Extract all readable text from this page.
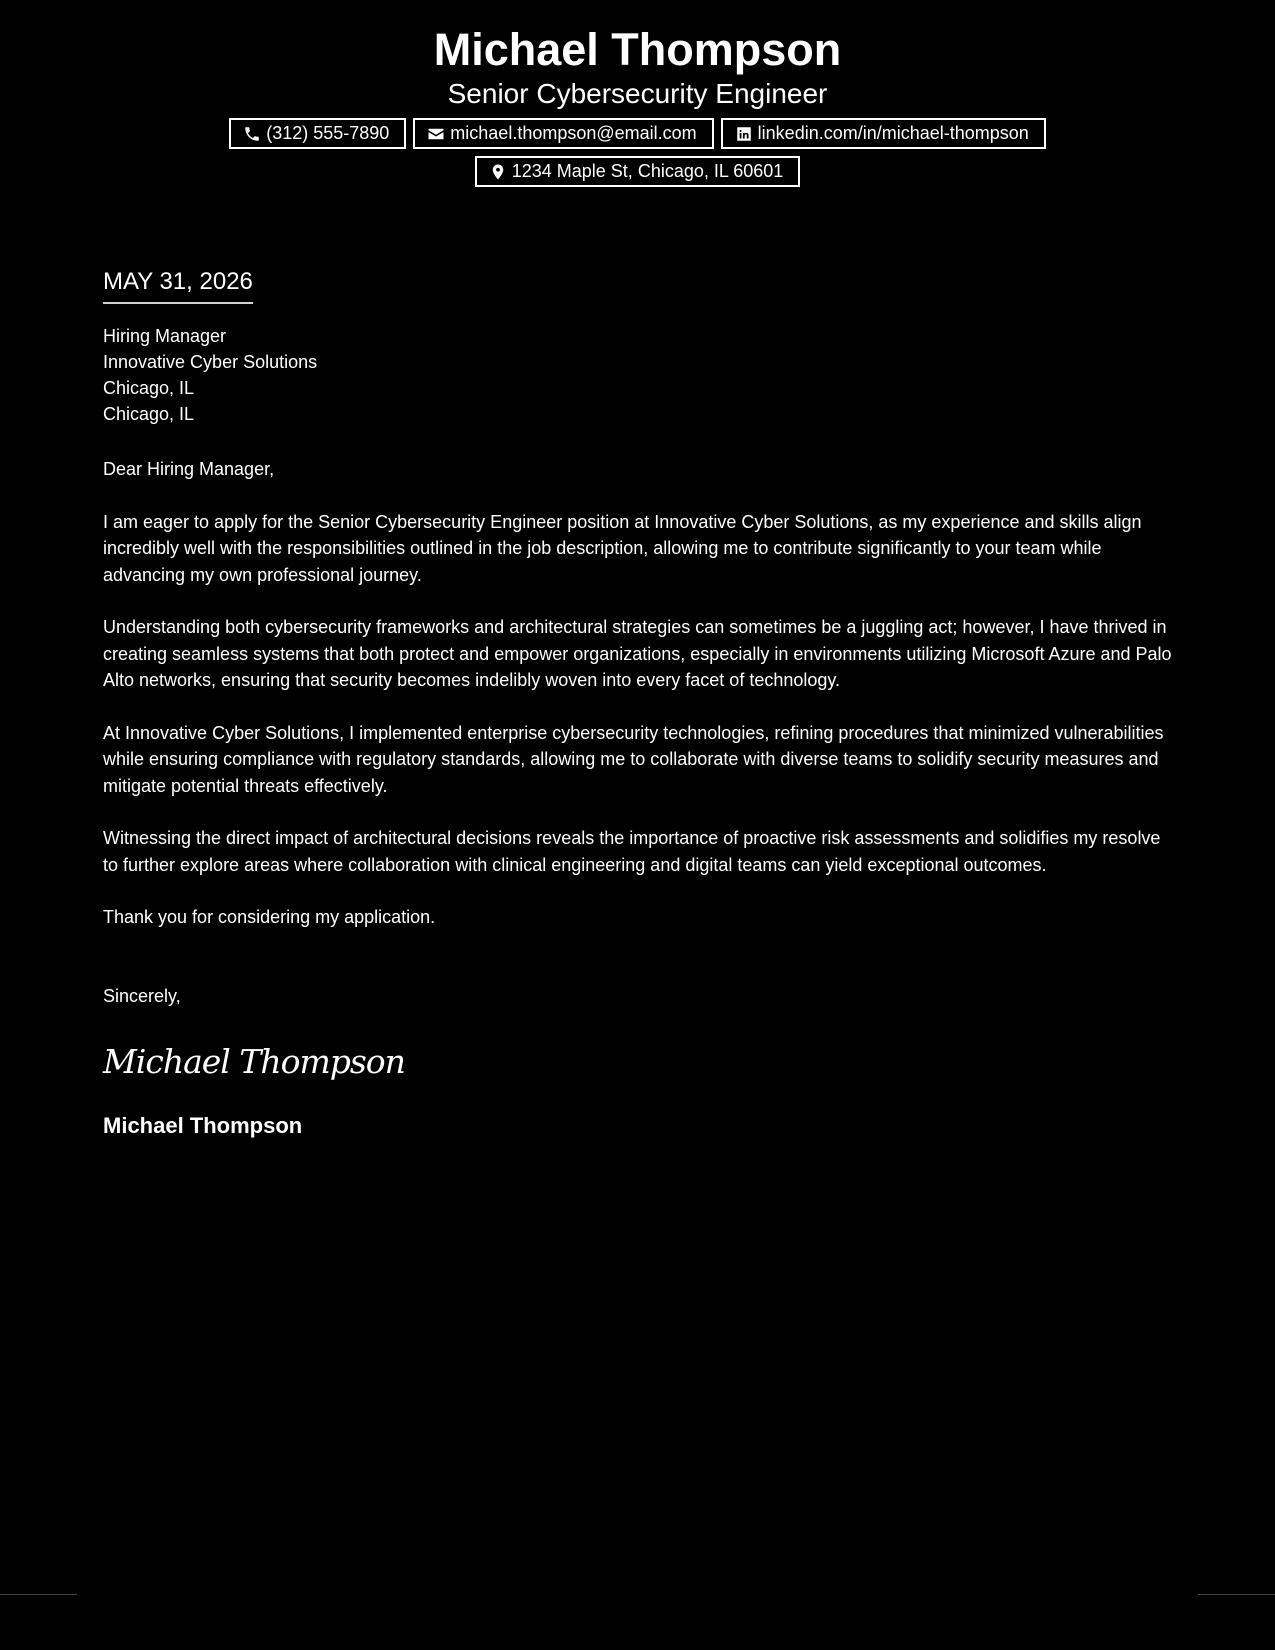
Michael Thompson
Senior Cybersecurity Engineer
(312) 555-7890	michael.thompson@email.com	linkedin.com/in/michael-thompson
1234 Maple St, Chicago, IL 60601
MAY 31, 2026
Hiring Manager
Innovative Cyber Solutions
Chicago, IL
Chicago, IL
Dear Hiring Manager,

I am eager to apply for the Senior Cybersecurity Engineer position at Innovative Cyber Solutions, as my experience and skills align incredibly well with the responsibilities outlined in the job description, allowing me to contribute significantly to your team while advancing my own professional journey.

Understanding both cybersecurity frameworks and architectural strategies can sometimes be a juggling act; however, I have thrived in creating seamless systems that both protect and empower organizations, especially in environments utilizing Microsoft Azure and Palo Alto networks, ensuring that security becomes indelibly woven into every facet of technology.

At Innovative Cyber Solutions, I implemented enterprise cybersecurity technologies, refining procedures that minimized vulnerabilities while ensuring compliance with regulatory standards, allowing me to collaborate with diverse teams to solidify security measures and mitigate potential threats effectively.

Witnessing the direct impact of architectural decisions reveals the importance of proactive risk assessments and solidifies my resolve to further explore areas where collaboration with clinical engineering and digital teams can yield exceptional outcomes.

Thank you for considering my application.

Sincerely,
Michael Thompson
Michael Thompson
